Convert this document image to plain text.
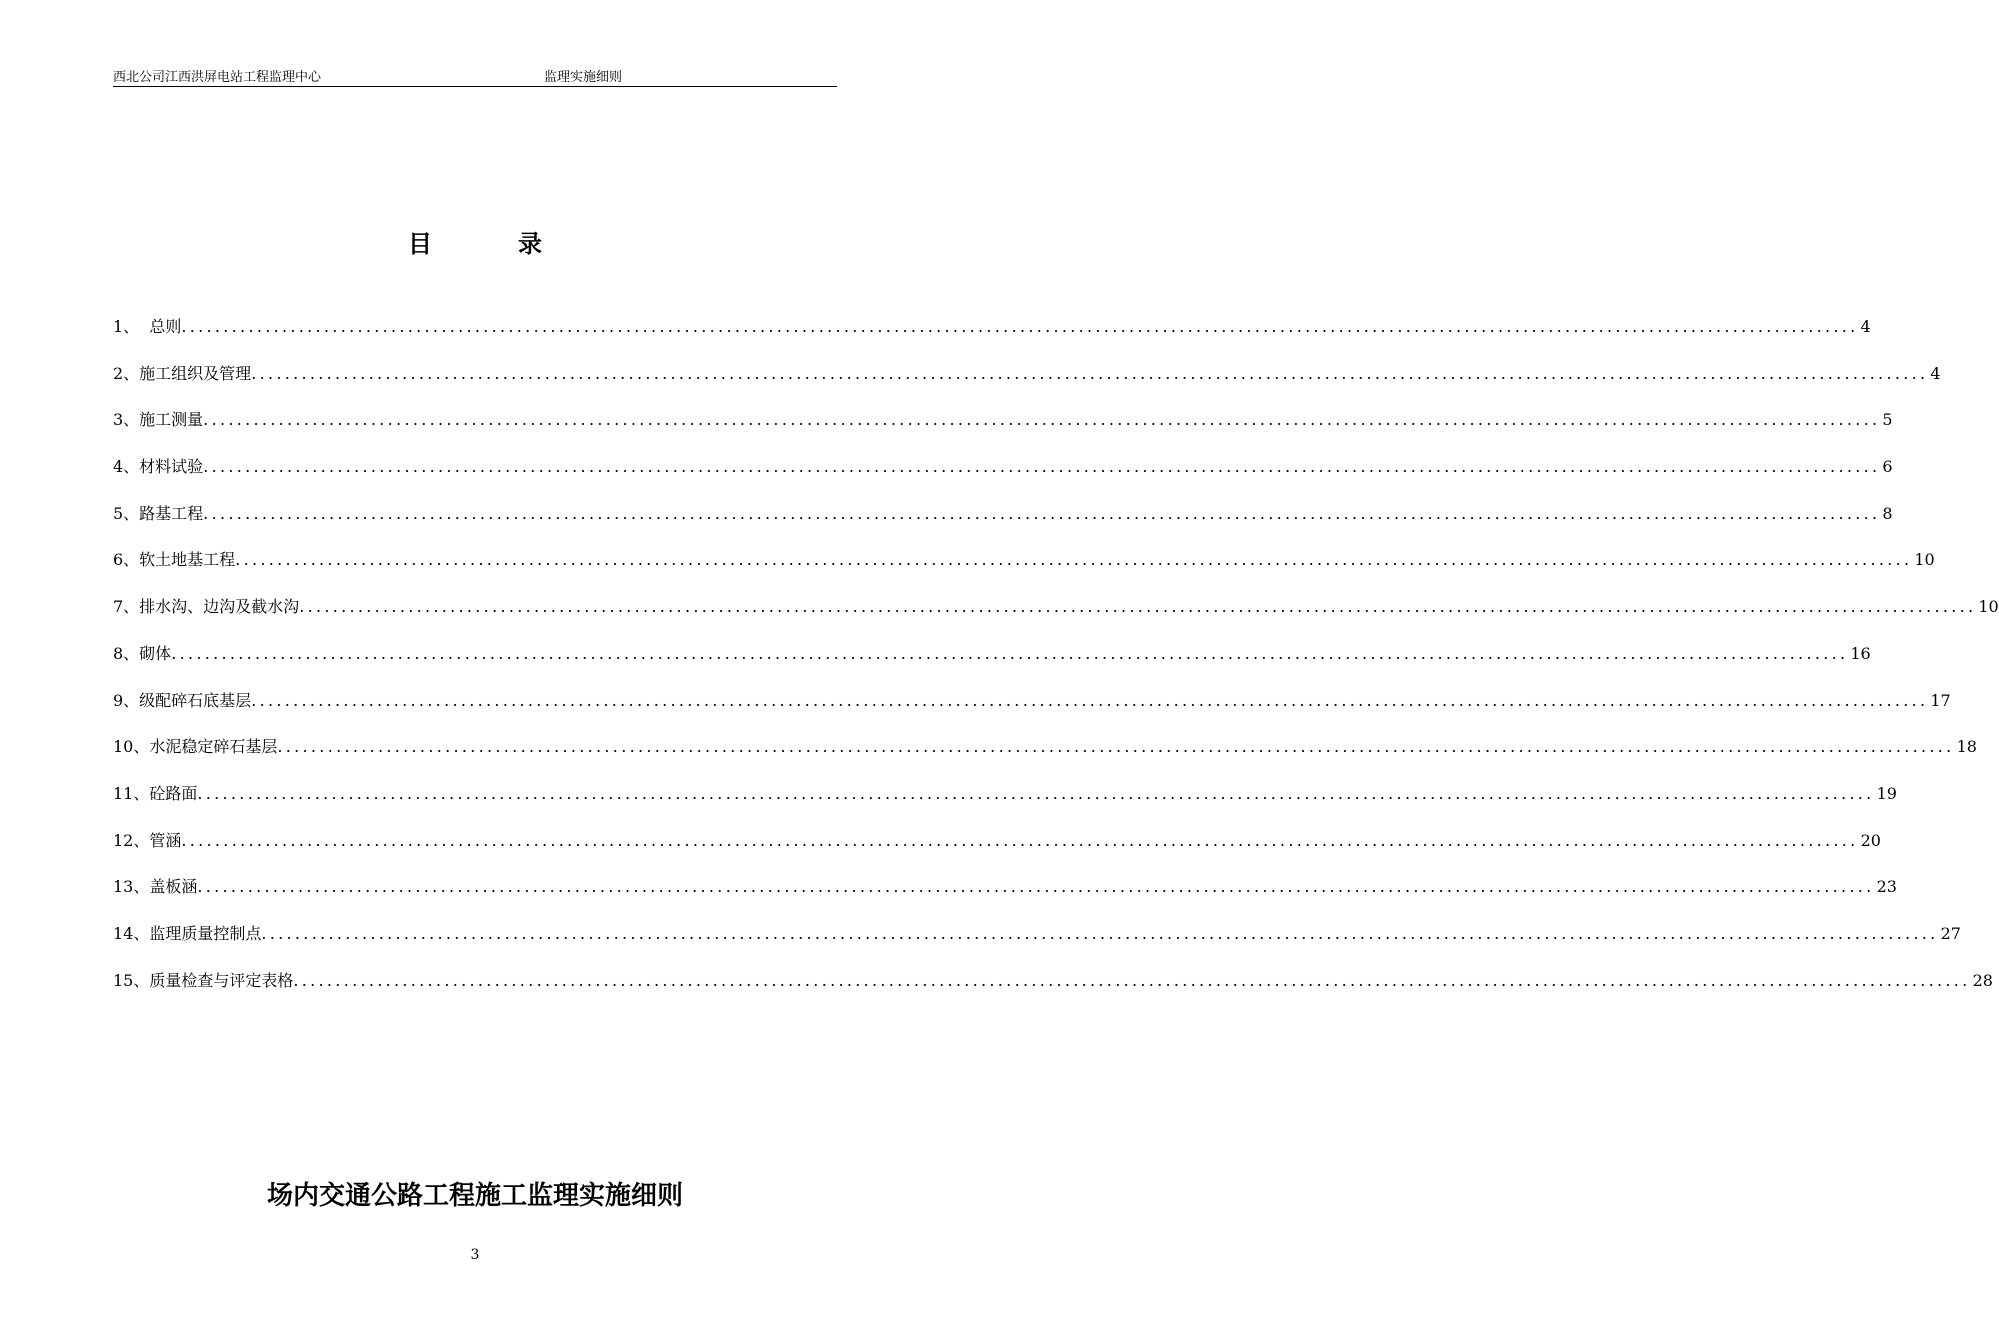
西北公司江西洪屏电站工程监理中心	监理实施细则
目	录
1、  总则 ........................................................................................................................................................................................................ 4
2、施工组织及管理 ........................................................................................................................................................................................................ 4
3、施工测量 ........................................................................................................................................................................................................ 5
4、材料试验 ........................................................................................................................................................................................................ 6
5、路基工程 ........................................................................................................................................................................................................ 8
6、软土地基工程 ........................................................................................................................................................................................................ 10
7、排水沟、边沟及截水沟 ........................................................................................................................................................................................................ 10
8、砌体 ........................................................................................................................................................................................................ 16
9、级配碎石底基层 ........................................................................................................................................................................................................ 17
10、水泥稳定碎石基层 ........................................................................................................................................................................................................ 18
11、砼路面 ........................................................................................................................................................................................................ 19
12、管涵 ........................................................................................................................................................................................................ 20
13、盖板涵 ........................................................................................................................................................................................................ 23
14、监理质量控制点 ........................................................................................................................................................................................................ 27
15、质量检查与评定表格 ........................................................................................................................................................................................................ 28
场内交通公路工程施工监理实施细则
3
